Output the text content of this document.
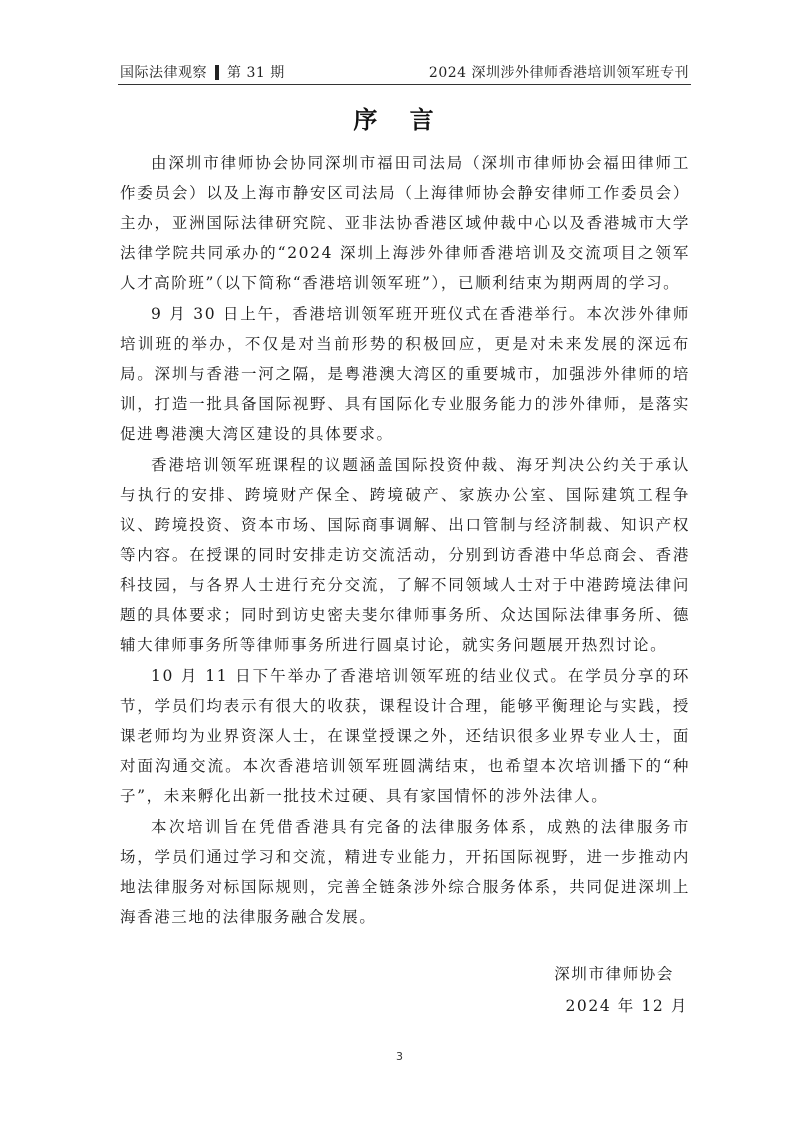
国际法律观察 第 31 期	2024 深圳涉外律师香港培训领军班专刊
序 言

由深圳市律师协会协同深圳市福田司法局（深圳市律师协会福田律师工作委员会）以及上海市静安区司法局（上海律师协会静安律师工作委员会）主办，亚洲国际法律研究院、亚非法协香港区域仲裁中心以及香港城市大学法律学院共同承办的“2024 深圳上海涉外律师香港培训及交流项目之领军人才高阶班”（以下简称“香港培训领军班”），已顺利结束为期两周的学习。

9 月 30 日上午，香港培训领军班开班仪式在香港举行。本次涉外律师培训班的举办，不仅是对当前形势的积极回应，更是对未来发展的深远布局。深圳与香港一河之隔，是粤港澳大湾区的重要城市，加强涉外律师的培训，打造一批具备国际视野、具有国际化专业服务能力的涉外律师，是落实促进粤港澳大湾区建设的具体要求。

香港培训领军班课程的议题涵盖国际投资仲裁、海牙判决公约关于承认与执行的安排、跨境财产保全、跨境破产、家族办公室、国际建筑工程争议、跨境投资、资本市场、国际商事调解、出口管制与经济制裁、知识产权等内容。在授课的同时安排走访交流活动，分别到访香港中华总商会、香港科技园，与各界人士进行充分交流，了解不同领域人士对于中港跨境法律问题的具体要求；同时到访史密夫斐尔律师事务所、众达国际法律事务所、德辅大律师事务所等律师事务所进行圆桌讨论，就实务问题展开热烈讨论。

10 月 11 日下午举办了香港培训领军班的结业仪式。在学员分享的环节，学员们均表示有很大的收获，课程设计合理，能够平衡理论与实践，授课老师均为业界资深人士，在课堂授课之外，还结识很多业界专业人士，面对面沟通交流。本次香港培训领军班圆满结束，也希望本次培训播下的“种子”，未来孵化出新一批技术过硬、具有家国情怀的涉外法律人。

本次培训旨在凭借香港具有完备的法律服务体系，成熟的法律服务市场，学员们通过学习和交流，精进专业能力，开拓国际视野，进一步推动内地法律服务对标国际规则，完善全链条涉外综合服务体系，共同促进深圳上海香港三地的法律服务融合发展。

深圳市律师协会
2024 年 12 月
3
